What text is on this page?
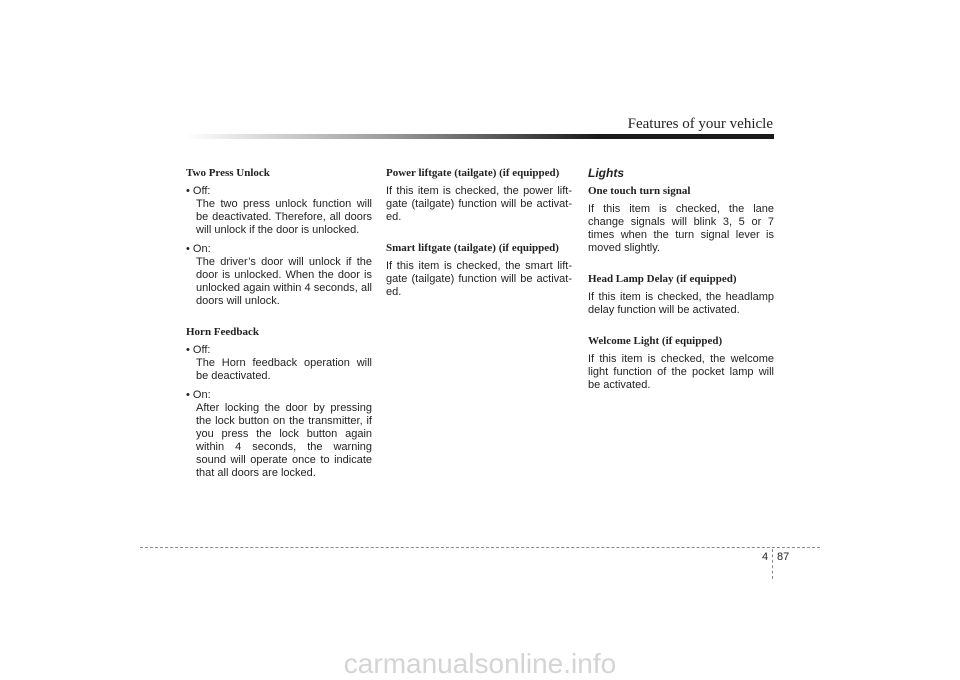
Features of your vehicle
Two Press Unlock
• Off:
The two press unlock function will be deactivated. Therefore, all doors will unlock if the door is unlocked.
• On:
The driver’s door will unlock if the door is unlocked. When the door is unlocked again within 4 seconds, all doors will unlock.
Horn Feedback
• Off:
The Horn feedback operation will be deactivated.
• On:
After locking the door by pressing the lock button on the transmitter, if you press the lock button again within 4 seconds, the warning sound will operate once to indicate that all doors are locked.
Power liftgate (tailgate) (if equipped)
If this item is checked, the power lift-gate (tailgate) function will be activat-ed.
Smart liftgate (tailgate) (if equipped)
If this item is checked, the smart lift-gate (tailgate) function will be activat-ed.
Lights
One touch turn signal
If this item is checked, the lane change signals will blink 3, 5 or 7 times when the turn signal lever is moved slightly.
Head Lamp Delay (if equipped)
If this item is checked, the headlamp delay function will be activated.
Welcome Light (if equipped)
If this item is checked, the welcome light function of the pocket lamp will be activated.
4 87
carmanualsonline.info
